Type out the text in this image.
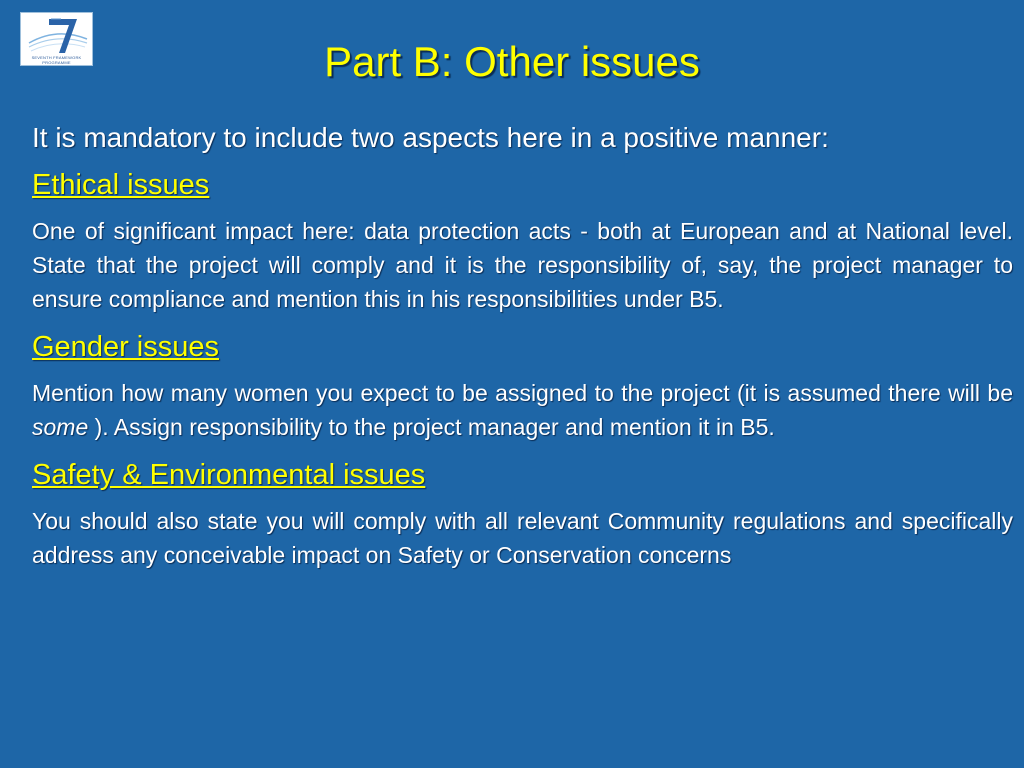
SEVENTH FRAMEWORK
PROGRAMME	Part B: Other issues

It is mandatory to include two aspects here in a positive manner:

Ethical issues

One of significant impact here: data protection acts - both at European and at National level. State that the project will comply and it is the responsibility of, say, the project manager to ensure compliance and mention this in his responsibilities under B5.

Gender issues

Mention how many women you expect to be assigned to the project (it is assumed there will be some ). Assign responsibility to the project manager and mention it in B5.

Safety & Environmental issues

You should also state you will comply with all relevant Community regulations and specifically address any conceivable impact on Safety or Conservation concerns
